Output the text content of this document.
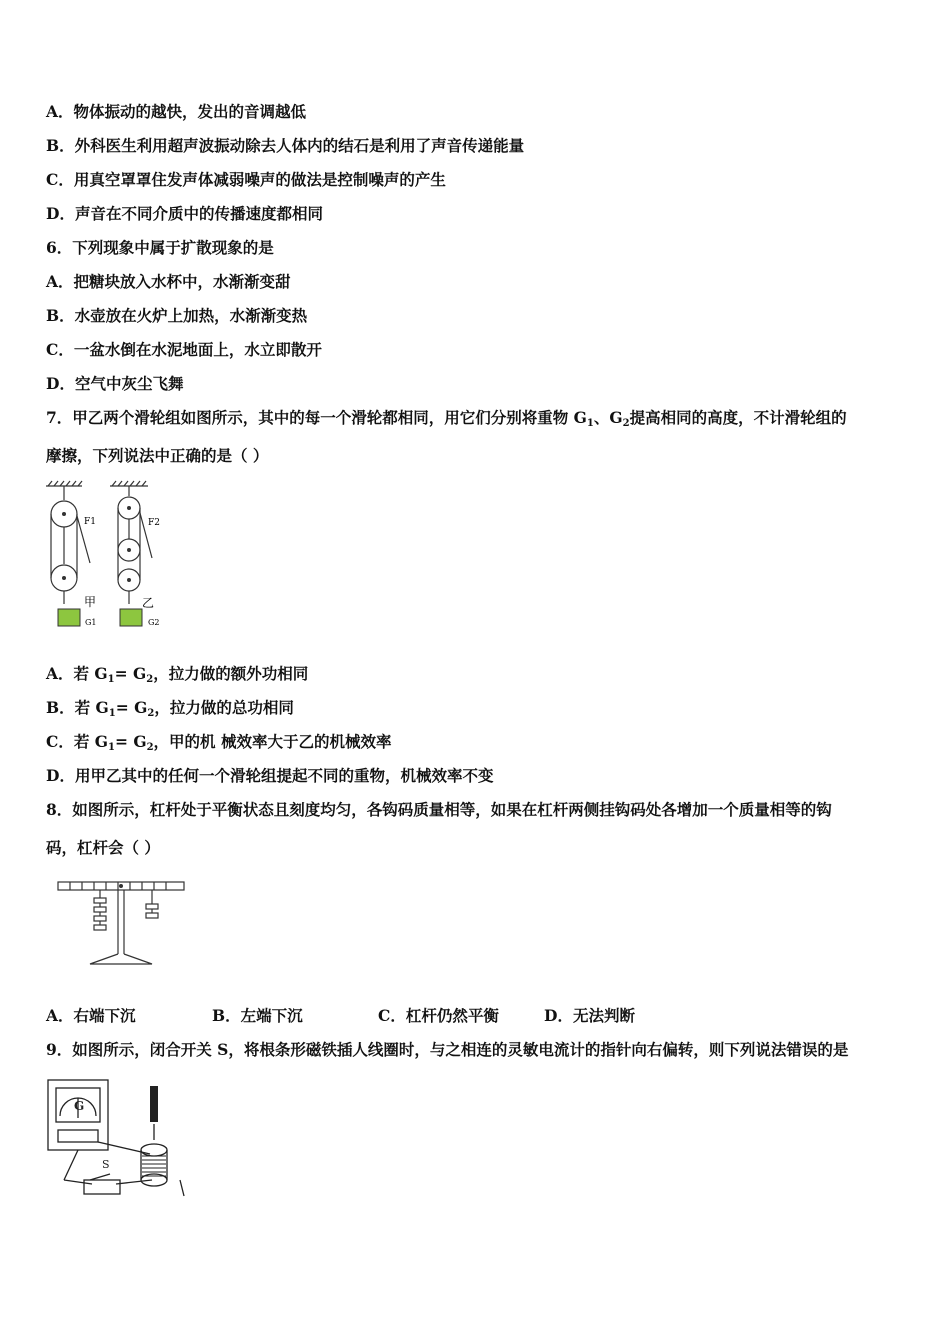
A．物体振动的越快，发出的音调越低
B．外科医生利用超声波振动除去人体内的结石是利用了声音传递能量
C．用真空罩罩住发声体减弱噪声的做法是控制噪声的产生
D．声音在不同介质中的传播速度都相同
6．下列现象中属于扩散现象的是
A．把糖块放入水杯中，水渐渐变甜
B．水壶放在火炉上加热，水渐渐变热
C．一盆水倒在水泥地面上，水立即散开
D．空气中灰尘飞舞
7．甲乙两个滑轮组如图所示，其中的每一个滑轮都相同，用它们分别将重物 G1、G2提高相同的高度，不计滑轮组的
摩擦，下列说法中正确的是（ ）
F1	F2
甲	乙
G1	G2
A．若 G1= G2，拉力做的额外功相同
B．若 G1= G2，拉力做的总功相同
C．若 G1= G2，甲的机 械效率大于乙的机械效率
D．用甲乙其中的任何一个滑轮组提起不同的重物，机械效率不变
8．如图所示，杠杆处于平衡状态且刻度均匀，各钩码质量相等，如果在杠杆两侧挂钩码处各增加一个质量相等的钩
码，杠杆会（ ）
A．右端下沉	B．左端下沉	C．杠杆仍然平衡	D．无法判断
9．如图所示，闭合开关 S，将根条形磁铁插人线圈时，与之相连的灵敏电流计的指针向右偏转，则下列说法错误的是
G
S
